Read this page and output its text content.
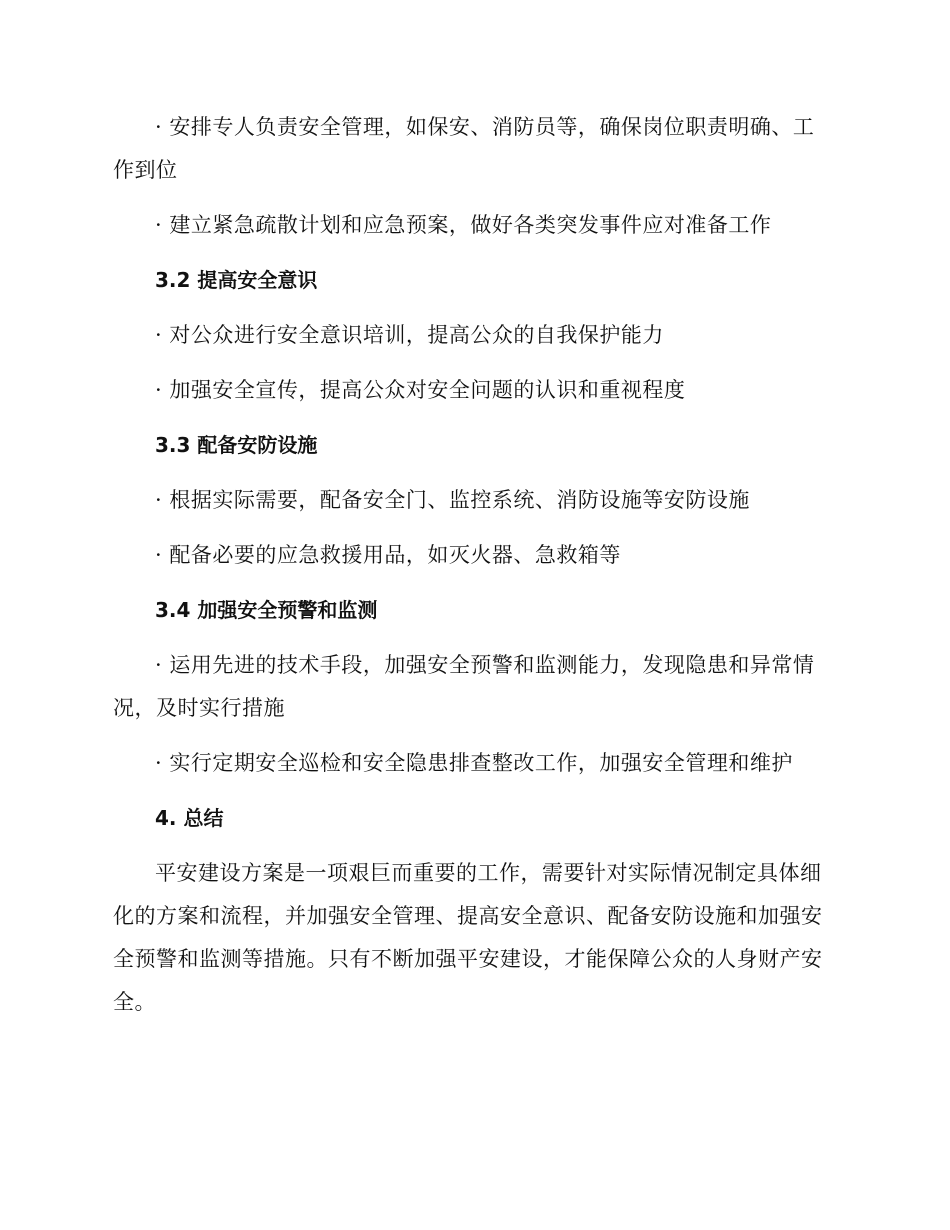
· 安排专人负责安全管理，如保安、消防员等，确保岗位职责明确、工作到位

· 建立紧急疏散计划和应急预案，做好各类突发事件应对准备工作

3.2 提高安全意识

· 对公众进行安全意识培训，提高公众的自我保护能力

· 加强安全宣传，提高公众对安全问题的认识和重视程度

3.3 配备安防设施

· 根据实际需要，配备安全门、监控系统、消防设施等安防设施

· 配备必要的应急救援用品，如灭火器、急救箱等

3.4 加强安全预警和监测

· 运用先进的技术手段，加强安全预警和监测能力，发现隐患和异常情况，及时实行措施

· 实行定期安全巡检和安全隐患排查整改工作，加强安全管理和维护

4. 总结

平安建设方案是一项艰巨而重要的工作，需要针对实际情况制定具体细化的方案和流程，并加强安全管理、提高安全意识、配备安防设施和加强安全预警和监测等措施。只有不断加强平安建设，才能保障公众的人身财产安全。
